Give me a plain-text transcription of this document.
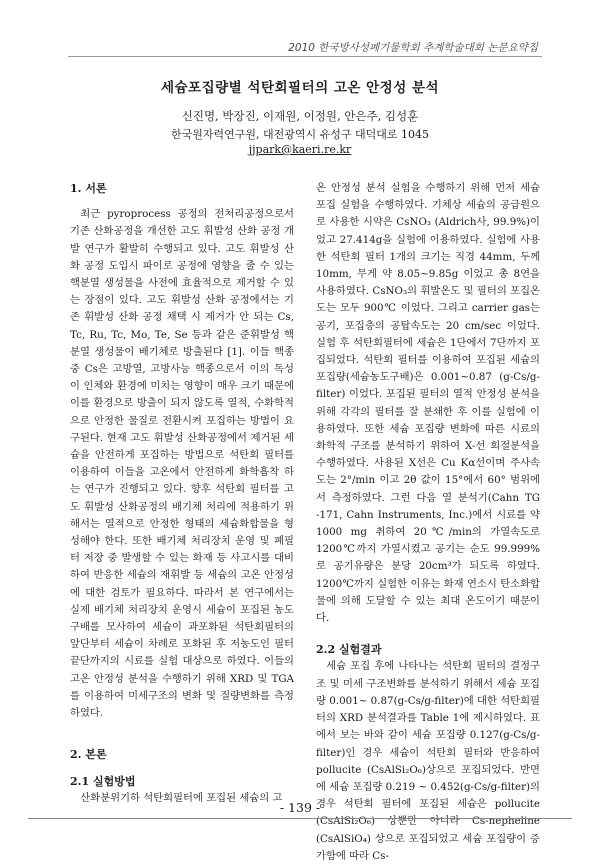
2010 한국방사성폐기물학회 추계학술대회 논문요약집
세슘포집량별 석탄회필터의 고온 안정성 분석
신진명, 박장진, 이재원, 이정원, 안은주, 김성훈
한국원자력연구원, 대전광역시 유성구 대덕대로 1045
jjpark@kaeri.re.kr

1. 서론

최근 pyroprocess 공정의 전처리공정으로서 기존 산화공정을 개선한 고도 휘발성 산화 공정 개발 연구가 활발히 수행되고 있다. 고도 휘발성 산화 공정 도입시 파이로 공정에 영향을 줄 수 있는 핵분열 생성물을 사전에 효율적으로 제거할 수 있는 장점이 있다. 고도 휘발성 산화 공정에서는 기존 휘발성 산화 공정 채택 시 제거가 안 되는 Cs, Tc, Ru, Tc, Mo, Te, Se 등과 같은 준휘발성 핵분열 생성물이 배기체로 방출된다 [1]. 이들 핵종 중 Cs은 고방열, 고방사능 핵종으로서 이의 독성이 인체와 환경에 미치는 영향이 매우 크기 때문에 이를 환경으로 방출이 되지 않도록 열적, 수화학적으로 안정한 물질로 전환시켜 포집하는 방법이 요구된다. 현재 고도 휘발성 산화공정에서 제거된 세슘을 안전하게 포집하는 방법으로 석탄회 필터를 이용하여 이들을 고온에서 안전하게 화학흡착 하는 연구가 진행되고 있다. 향후 석탄회 필터를 고도 휘발성 산화공정의 배기체 처리에 적용하기 위해서는 열적으로 안정한 형태의 세슘화합물을 형성해야 한다. 또한 배기체 처리장치 운영 및 폐필터 저장 중 발생할 수 있는 화재 등 사고시를 대비하여 반응한 세슘의 재휘발 등 세슘의 고온 안정성에 대한 검토가 필요하다. 따라서 본 연구에서는 실제 배기체 처리장치 운영시 세슘이 포집된 농도구배를 모사하여 세슘이 과포화된 석탄회필터의 앞단부터 세슘이 차례로 포화된 후 저농도인 필터 끝단까지의 시료를 실험 대상으로 하였다. 이들의 고온 안정성 분석을 수행하기 위해 XRD 및 TGA를 이용하여 미세구조의 변화 및 질량변화를 측정하였다.

2. 본론

2.1 실험방법

산화분위기하 석탄회필터에 포집된 세슘의 고

온 안정성 분석 실험을 수행하기 위해 먼저 세슘 포집 실험을 수행하였다. 기체상 세슘의 공급원으로 사용한 시약은 CsNO₃ (Aldrich사, 99.9%)이었고 27.414g을 실험에 이용하였다. 실험에 사용한 석탄회 필터 1개의 크기는 직경 44mm, 두께 10mm, 무게 약 8.05~9.85g 이었고 총 8연을 사용하였다. CsNO₃의 휘발온도 및 필터의 포집온도는 모두 900℃ 이었다. 그리고 carrier gas는 공기, 포집층의 공탑속도는 20 cm/sec 이었다. 실험 후 석탄회필터에 세슘은 1단에서 7단까지 포집되었다. 석탄회 필터를 이용하여 포집된 세슘의 포집량(세슘농도구배)은 0.001~0.87 (g-Cs/g-filter) 이었다. 포집된 필터의 열적 안정성 분석을 위해 각각의 필터를 잘 분쇄한 후 이를 실험에 이용하였다. 또한 세슘 포집량 변화에 따른 시료의 화학적 구조를 분석하기 위하여 X-선 회절분석을 수행하였다. 사용된 X선은 Cu Kα선이며 주사속도는 2°/min 이고 2θ 값이 15°에서 60° 범위에서 측정하였다. 그런 다음 열 분석기(Cahn TG -171, Cahn Instruments, Inc.)에서 시료를 약 1000 mg 취하여 20℃/min의 가열속도로 1200℃까지 가열시켰고 공기는 순도 99.999%로 공기유량은 분당 20cm³가 되도록 하였다. 1200℃까지 실험한 이유는 화재 연소시 탄소화합물에 의해 도달할 수 있는 최대 온도이기 때문이다.

2.2 실험결과

세슘 포집 후에 나타나는 석탄회 필터의 결정구조 및 미세 구조변화를 분석하기 위해서 세슘 포집량 0.001~ 0.87(g-Cs/g-filter)에 대한 석탄회필터의 XRD 분석결과를 Table 1에 제시하였다. 표에서 보는 바와 같이 세슘 포집량 0.127(g-Cs/g-filter)인 경우 세슘이 석탄회 필터와 반응하여 pollucite (CsAlSi₂O₆)상으로 포집되었다. 반면에 세슘 포집량 0.219 ~ 0.452(g-Cs/g-filter)의 경우 석탄회 필터에 포집된 세슘은 pollucite (CsAlSi₂O₆) 상뿐만 아니라 Cs-nepheline (CsAlSiO₄) 상으로 포집되었고 세슘 포집량이 증가함에 따라 Cs-

- 139 -
